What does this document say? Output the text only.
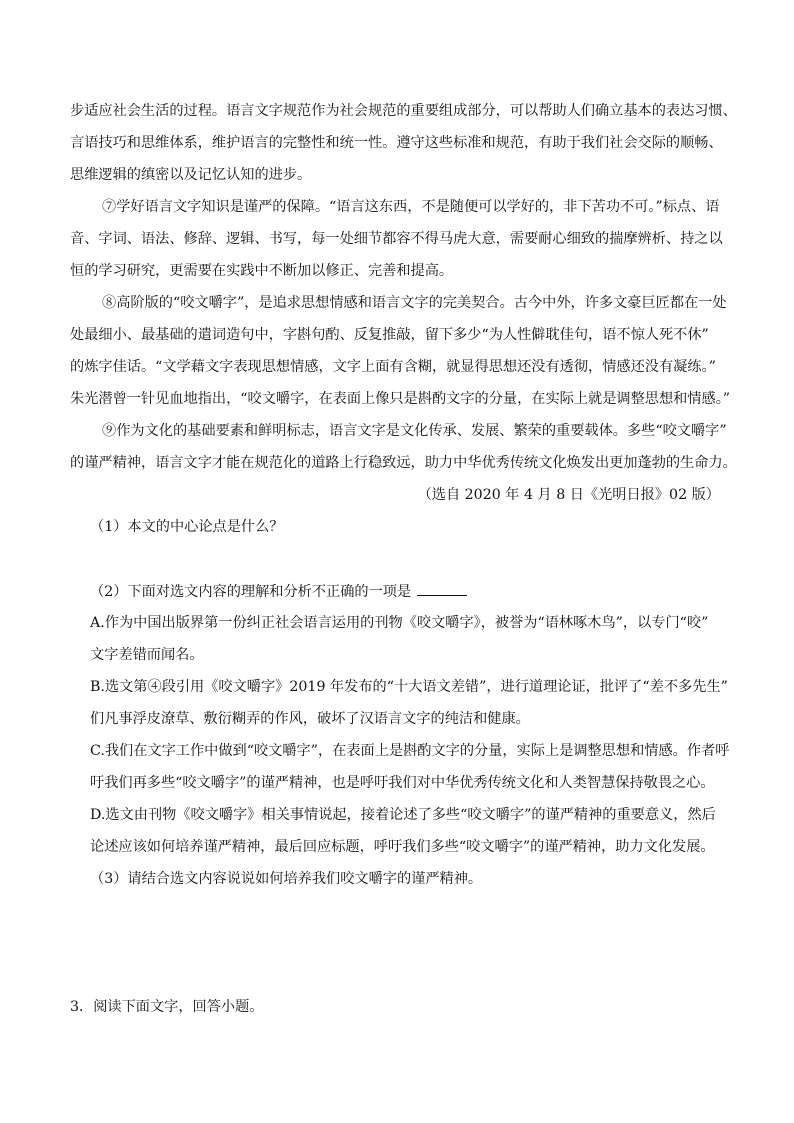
步适应社会生活的过程。语言文字规范作为社会规范的重要组成部分，可以帮助人们确立基本的表达习惯、
言语技巧和思维体系，维护语言的完整性和统一性。遵守这些标准和规范，有助于我们社会交际的顺畅、
思维逻辑的缜密以及记忆认知的进步。
⑦学好语言文字知识是谨严的保障。“语言这东西，不是随便可以学好的，非下苦功不可。”标点、语
音、字词、语法、修辞、逻辑、书写，每一处细节都容不得马虎大意，需要耐心细致的揣摩辨析、持之以
恒的学习研究，更需要在实践中不断加以修正、完善和提高。
⑧高阶版的“咬文嚼字”，是追求思想情感和语言文字的完美契合。古今中外，许多文豪巨匠都在一处
处最细小、最基础的遣词造句中，字斟句酌、反复推敲，留下多少“为人性僻耽佳句，语不惊人死不休”
的炼字佳话。“文学藉文字表现思想情感，文字上面有含糊，就显得思想还没有透彻，情感还没有凝练。”
朱光潜曾一针见血地指出，“咬文嚼字，在表面上像只是斟酌文字的分量，在实际上就是调整思想和情感。”
⑨作为文化的基础要素和鲜明标志，语言文字是文化传承、发展、繁荣的重要载体。多些“咬文嚼字”
的谨严精神，语言文字才能在规范化的道路上行稳致远，助力中华优秀传统文化焕发出更加蓬勃的生命力。
（选自 2020 年 4 月 8 日《光明日报》02 版）
（1）本文的中心论点是什么？
（2）下面对选文内容的理解和分析不正确的一项是
A.作为中国出版界第一份纠正社会语言运用的刊物《咬文嚼字》，被誉为“语林啄木鸟”，以专门“咬”
文字差错而闻名。
B.选文第④段引用《咬文嚼字》2019 年发布的“十大语文差错”，进行道理论证，批评了“差不多先生”
们凡事浮皮潦草、敷衍糊弄的作风，破坏了汉语言文字的纯洁和健康。
C.我们在文字工作中做到“咬文嚼字”，在表面上是斟酌文字的分量，实际上是调整思想和情感。作者呼
吁我们再多些“咬文嚼字”的谨严精神，也是呼吁我们对中华优秀传统文化和人类智慧保持敬畏之心。
D.选文由刊物《咬文嚼字》相关事情说起，接着论述了多些“咬文嚼字”的谨严精神的重要意义，然后
论述应该如何培养谨严精神，最后回应标题，呼吁我们多些“咬文嚼字”的谨严精神，助力文化发展。
（3）请结合选文内容说说如何培养我们咬文嚼字的谨严精神。
3．阅读下面文字，回答小题。
